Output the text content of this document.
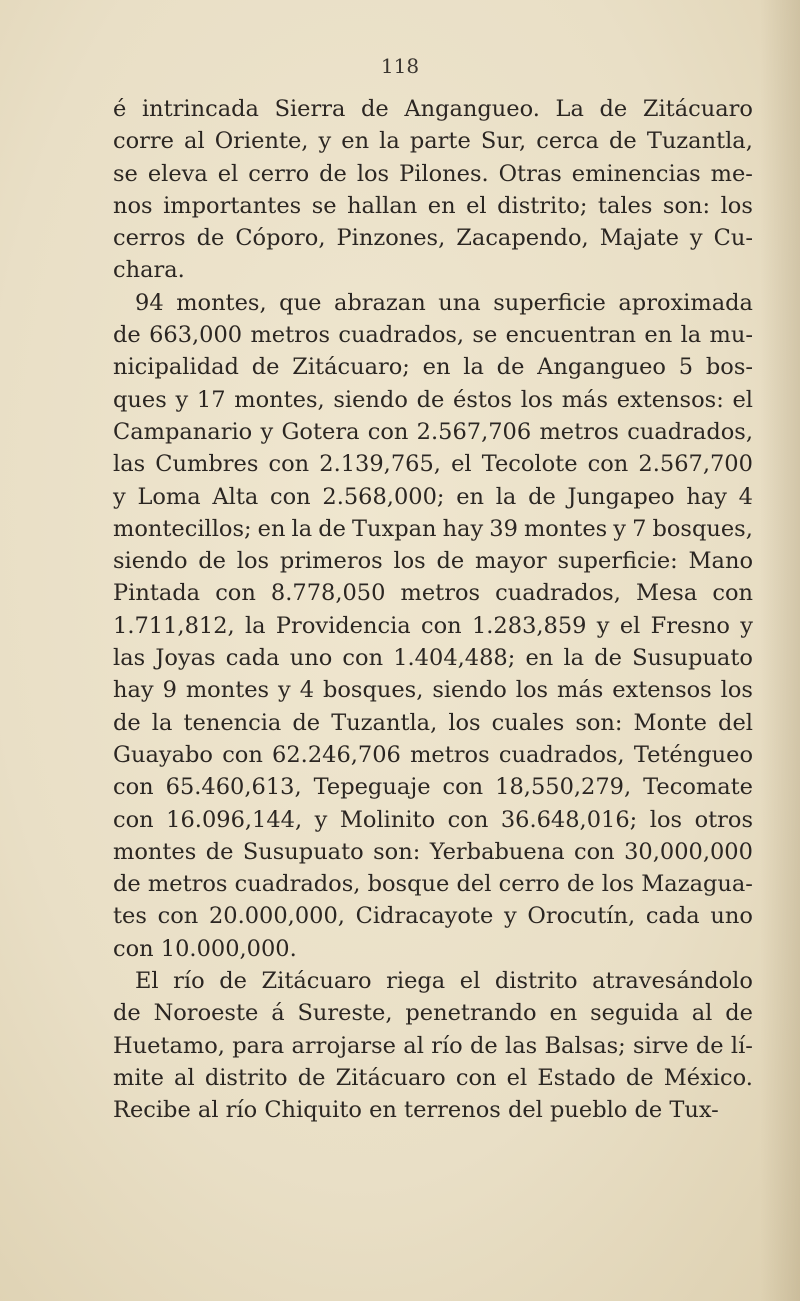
118
é intrincada Sierra de Angangueo. La de Zitácuaro
corre al Oriente, y en la parte Sur, cerca de Tuzantla,
se eleva el cerro de los Pilones. Otras eminencias me-
nos importantes se hallan en el distrito; tales son: los
cerros de Cóporo, Pinzones, Zacapendo, Majate y Cu-
chara.
94 montes, que abrazan una superficie aproximada
de 663,000 metros cuadrados, se encuentran en la mu-
nicipalidad de Zitácuaro; en la de Angangueo 5 bos-
ques y 17 montes, siendo de éstos los más extensos: el
Campanario y Gotera con 2.567,706 metros cuadrados,
las Cumbres con 2.139,765, el Tecolote con 2.567,700
y Loma Alta con 2.568,000; en la de Jungapeo hay 4
montecillos; en la de Tuxpan hay 39 montes y 7 bosques,
siendo de los primeros los de mayor superficie: Mano
Pintada con 8.778,050 metros cuadrados, Mesa con
1.711,812, la Providencia con 1.283,859 y el Fresno y
las Joyas cada uno con 1.404,488; en la de Susupuato
hay 9 montes y 4 bosques, siendo los más extensos los
de la tenencia de Tuzantla, los cuales son: Monte del
Guayabo con 62.246,706 metros cuadrados, Teténgueo
con 65.460,613, Tepeguaje con 18,550,279, Tecomate
con 16.096,144, y Molinito con 36.648,016; los otros
montes de Susupuato son: Yerbabuena con 30,000,000
de metros cuadrados, bosque del cerro de los Mazagua-
tes con 20.000,000, Cidracayote y Orocutín, cada uno
con 10.000,000.
El río de Zitácuaro riega el distrito atravesándolo
de Noroeste á Sureste, penetrando en seguida al de
Huetamo, para arrojarse al río de las Balsas; sirve de lí-
mite al distrito de Zitácuaro con el Estado de México.
Recibe al río Chiquito en terrenos del pueblo de Tux-
